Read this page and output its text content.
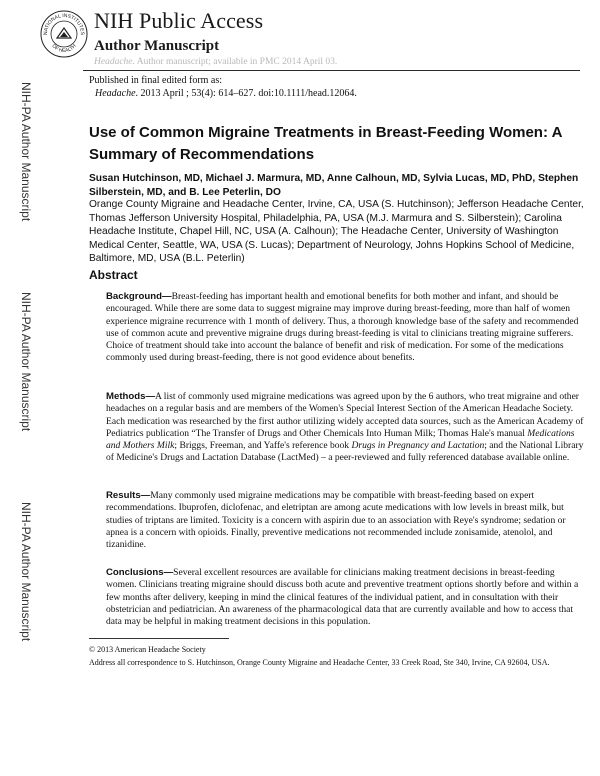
NATIONAL INSTITUTES
OF HEALTH
NIH Public Access
Author Manuscript
Headache. Author manuscript; available in PMC 2014 April 03.
Published in final edited form as:
Headache. 2013 April ; 53(4): 614–627. doi:10.1111/head.12064.
NIH-PA Author Manuscript
NIH-PA Author Manuscript
NIH-PA Author Manuscript
Use of Common Migraine Treatments in Breast-Feeding Women: A Summary of Recommendations
Susan Hutchinson, MD, Michael J. Marmura, MD, Anne Calhoun, MD, Sylvia Lucas, MD, PhD, Stephen Silberstein, MD, and B. Lee Peterlin, DO
Orange County Migraine and Headache Center, Irvine, CA, USA (S. Hutchinson); Jefferson Headache Center, Thomas Jefferson University Hospital, Philadelphia, PA, USA (M.J. Marmura and S. Silberstein); Carolina Headache Institute, Chapel Hill, NC, USA (A. Calhoun); The Headache Center, University of Washington Medical Center, Seattle, WA, USA (S. Lucas); Department of Neurology, Johns Hopkins School of Medicine, Baltimore, MD, USA (B.L. Peterlin)
Abstract
Background—Breast-feeding has important health and emotional benefits for both mother and infant, and should be encouraged. While there are some data to suggest migraine may improve during breast-feeding, more than half of women experience migraine recurrence with 1 month of delivery. Thus, a thorough knowledge base of the safety and recommended use of common acute and preventive migraine drugs during breast-feeding is vital to clinicians treating migraine sufferers. Choice of treatment should take into account the balance of benefit and risk of medication. For some of the medications commonly used during breast-feeding, there is not good evidence about benefits.
Methods—A list of commonly used migraine medications was agreed upon by the 6 authors, who treat migraine and other headaches on a regular basis and are members of the Women's Special Interest Section of the American Headache Society. Each medication was researched by the first author utilizing widely accepted data sources, such as the American Academy of Pediatrics publication “The Transfer of Drugs and Other Chemicals Into Human Milk; Thomas Hale's manual Medications and Mothers Milk; Briggs, Freeman, and Yaffe's reference book Drugs in Pregnancy and Lactation; and the National Library of Medicine's Drugs and Lactation Database (LactMed) – a peer-reviewed and fully referenced database available online.
Results—Many commonly used migraine medications may be compatible with breast-feeding based on expert recommendations. Ibuprofen, diclofenac, and eletriptan are among acute medications with low levels in breast milk, but studies of triptans are limited. Toxicity is a concern with aspirin due to an association with Reye's syndrome; sedation or apnea is a concern with opioids. Finally, preventive medications not recommended include zonisamide, atenolol, and tizanidine.
Conclusions—Several excellent resources are available for clinicians making treatment decisions in breast-feeding women. Clinicians treating migraine should discuss both acute and preventive treatment options shortly before and within a few months after delivery, keeping in mind the clinical features of the individual patient, and in consultation with their obstetrician and pediatrician. An awareness of the pharmacological data that are currently available and how to access that data may be helpful in making treatment decisions in this population.
© 2013 American Headache Society
Address all correspondence to S. Hutchinson, Orange County Migraine and Headache Center, 33 Creek Road, Ste 340, Irvine, CA 92604, USA.
